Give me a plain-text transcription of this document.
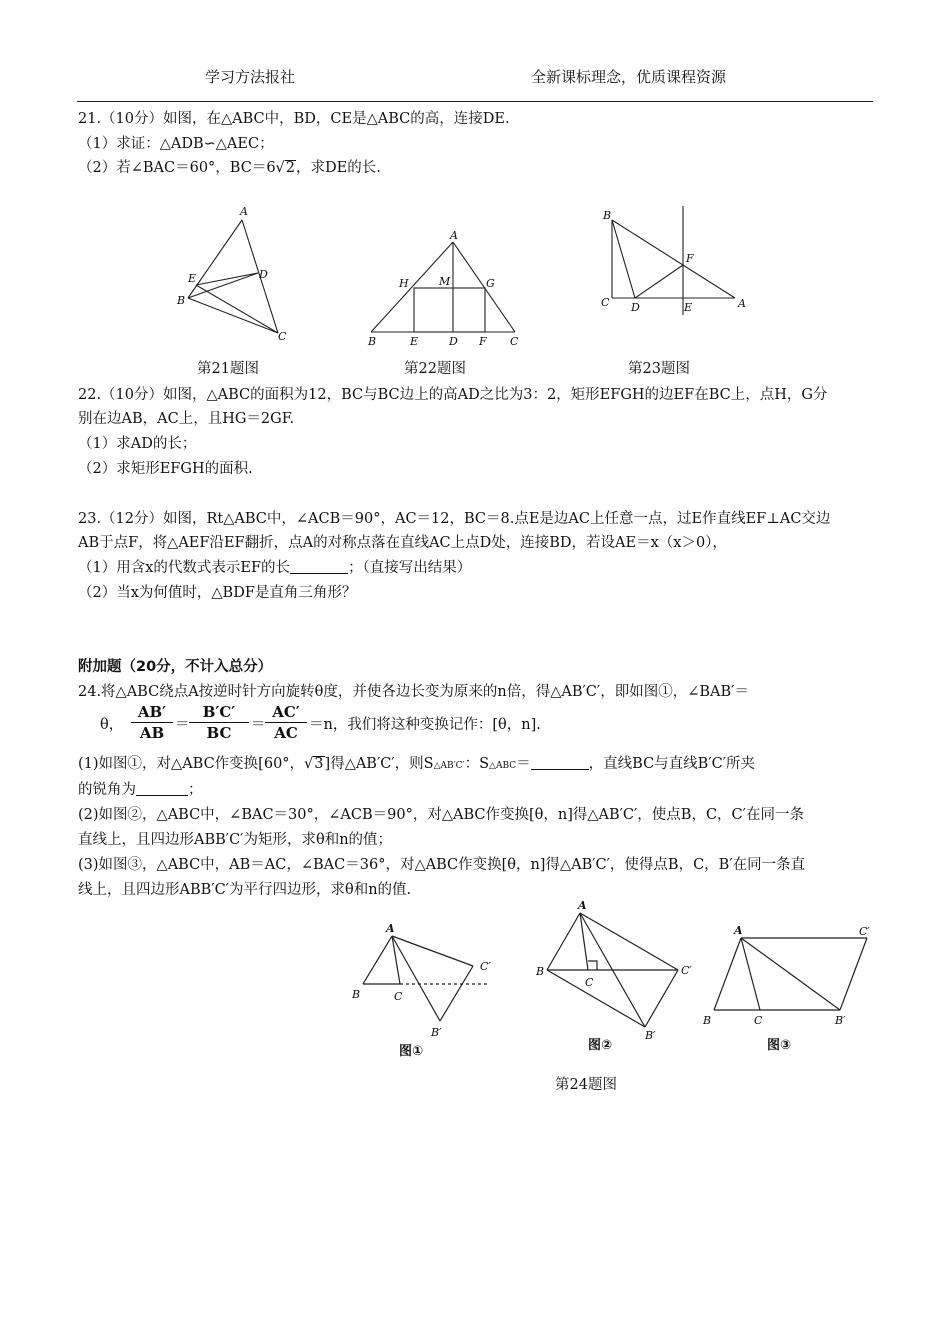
学习方法报社	全新课标理念，优质课程资源
21.（10分）如图，在△ABC中，BD，CE是△ABC的高，连接DE.
（1）求证：△ADB∽△AEC；
（2）若∠BAC＝60°，BC＝6√2，求DE的长.
A
E	D
B
C
A
H	M	G
B	E	D F C
B
F
C D	E	A
第21题图	第22题图	第23题图
22.（10分）如图，△ABC的面积为12，BC与BC边上的高AD之比为3：2，矩形EFGH的边EF在BC上，点H，G分
别在边AB，AC上，且HG＝2GF.
（1）求AD的长；
（2）求矩形EFGH的面积.
23.（12分）如图，Rt△ABC中，∠ACB＝90°，AC＝12，BC＝8.点E是边AC上任意一点，过E作直线EF⊥AC交边
AB于点F，将△AEF沿EF翻折，点A的对称点落在直线AC上点D处，连接BD，若设AE＝x（x＞0），
（1）用含x的代数式表示EF的长	；（直接写出结果）
（2）当x为何值时，△BDF是直角三角形？
附加题（20分，不计入总分）
24.将△ABC绕点A按逆时针方向旋转θ度，并使各边长变为原来的n倍，得△AB′C′，即如图①，∠BAB′＝
θ， $\frac{AB'}{AB} = \frac{B'C'}{BC} = \frac{AC'}{AC} =n$，我们将这种变换记作：[θ，n].
(1)如图①，对△ABC作变换[60°，√3]得△AB′C′，则S△AB′C′：S△ABC＝	，直线BC与直线B′C′所夹
的锐角为	；
(2)如图②，△ABC中，∠BAC＝30°，∠ACB＝90°，对△ABC作变换[θ，n]得△AB′C′，使点B，C，C′在同一条
直线上，且四边形ABB′C′为矩形，求θ和n的值；
(3)如图③，△ABC中，AB＝AC，∠BAC＝36°，对△ABC作变换[θ，n]得△AB′C′，使得点B，C，B′在同一条直
线上，且四边形ABB′C′为平行四边形，求θ和n的值.
A
C′
B	C
B′
图①
A
B
C
C′
B′
图②
A	C′
B	C	B′
图③
第24题图
